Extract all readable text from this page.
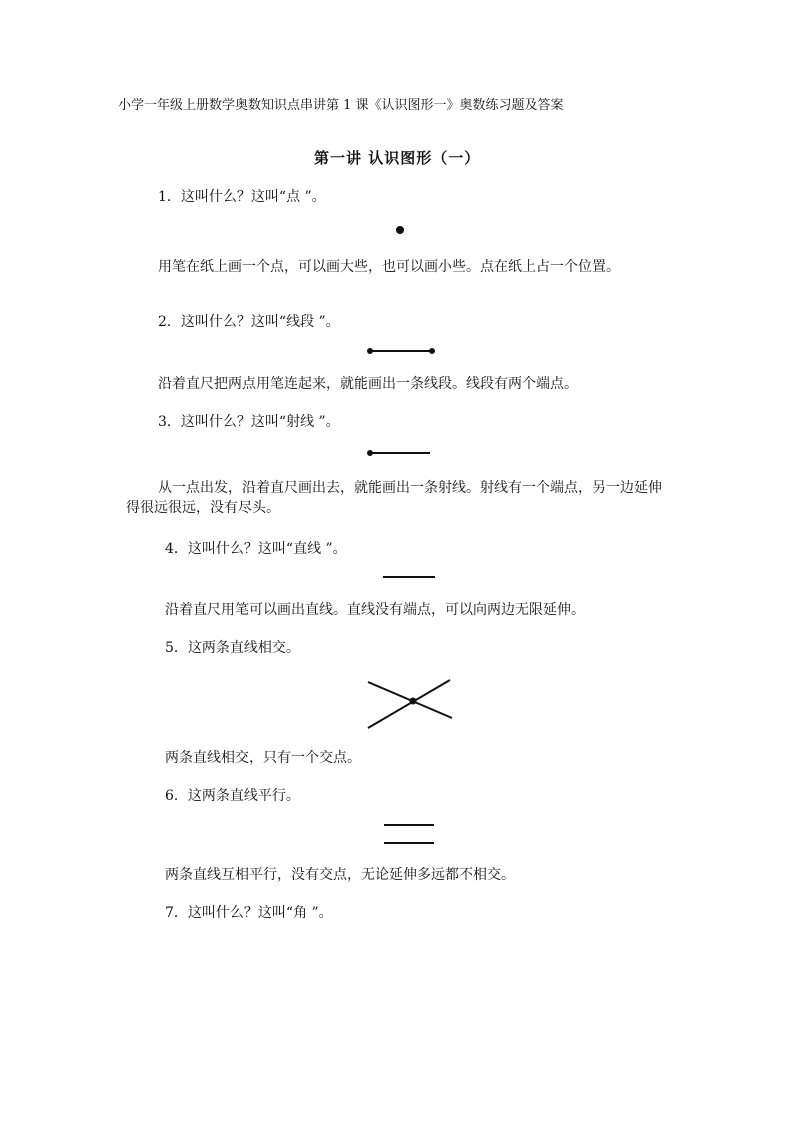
小学一年级上册数学奥数知识点串讲第 1 课《认识图形一》奥数练习题及答案

第一讲 认识图形（一）

1．这叫什么？这叫“点 ”。

用笔在纸上画一个点，可以画大些，也可以画小些。点在纸上占一个位置。

2．这叫什么？这叫“线段 ”。

沿着直尺把两点用笔连起来，就能画出一条线段。线段有两个端点。

3．这叫什么？这叫“射线 ”。

从一点出发，沿着直尺画出去，就能画出一条射线。射线有一个端点，另一边延伸得很远很远，没有尽头。

4．这叫什么？这叫“直线 ”。

沿着直尺用笔可以画出直线。直线没有端点，可以向两边无限延伸。

5．这两条直线相交。

两条直线相交，只有一个交点。

6．这两条直线平行。

两条直线互相平行，没有交点，无论延伸多远都不相交。

7．这叫什么？这叫“角 ”。
